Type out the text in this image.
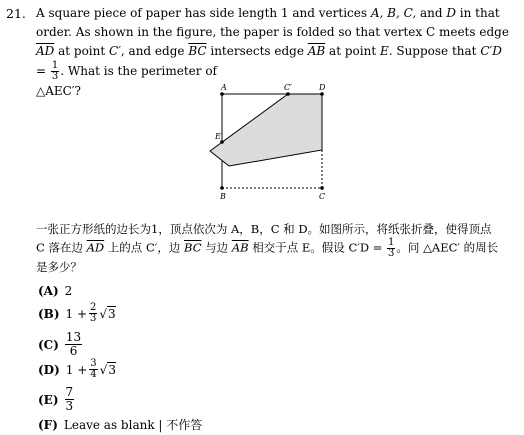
21. A square piece of paper has side length 1 and vertices A, B, C, and D in that order. As shown in the figure, the paper is folded so that vertex C meets edge $\overline{AD}$ at point C′, and edge $\overline{BC}$ intersects edge $\overline{AB}$ at point E. Suppose that $C'D = \frac{1}{3}$ . What is the perimeter of
△AEC′?	A	C′	D
E
B	C
一张正方形纸的边长为1，顶点依次为 A，B，C 和 D。如图所示，将纸张折叠，使得顶点
C 落在边 $\overline{AD}$ 上的点 C′，边 $\overline{BC}$ 与边 $\overline{AB}$ 相交于点 E。假设 $C'D = \frac{1}{3}$ 。问 △AEC′ 的周长
是多少？
(A) 2
(B) $1 + \frac{2}{3} √3$
$(C) \frac{13}{6}$
(D) $1 + \frac{3}{4} √3$
$(E) \frac{7}{3}$
(F) Leave as blank | 不作答
